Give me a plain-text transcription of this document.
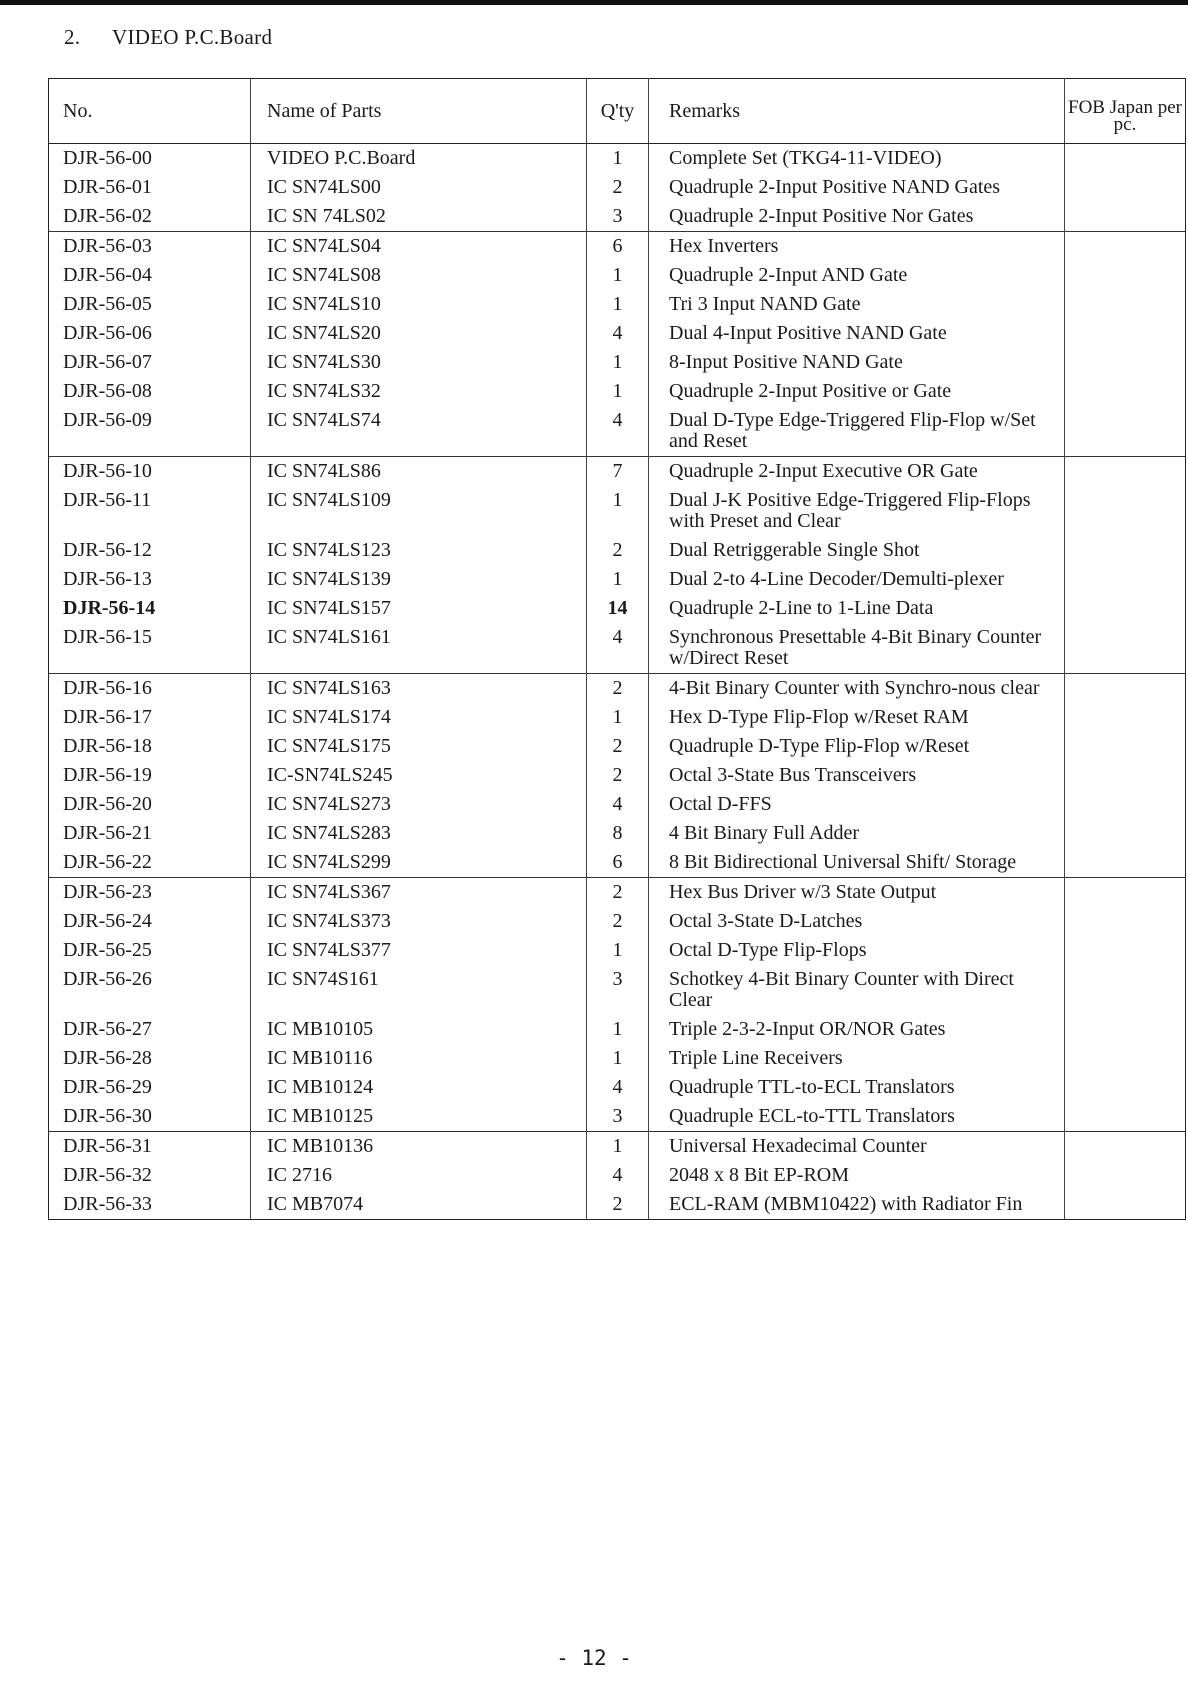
2. VIDEO P.C.Board
No.	Name of Parts	Q'ty	Remarks	FOB Japan per pc.
DJR-56-00	VIDEO P.C.Board	1	Complete Set (TKG4-11-VIDEO)	
DJR-56-01	IC SN74LS00	2	Quadruple 2-Input Positive NAND Gates	
DJR-56-02	IC SN 74LS02	3	Quadruple 2-Input Positive Nor Gates	
DJR-56-03	IC SN74LS04	6	Hex Inverters	
DJR-56-04	IC SN74LS08	1	Quadruple 2-Input AND Gate	
DJR-56-05	IC SN74LS10	1	Tri 3 Input NAND Gate	
DJR-56-06	IC SN74LS20	4	Dual 4-Input Positive NAND Gate	
DJR-56-07	IC SN74LS30	1	8-Input Positive NAND Gate	
DJR-56-08	IC SN74LS32	1	Quadruple 2-Input Positive or Gate	
DJR-56-09	IC SN74LS74	4	Dual D-Type Edge-Triggered Flip-Flop w/Set and Reset	
DJR-56-10	IC SN74LS86	7	Quadruple 2-Input Executive OR Gate	
DJR-56-11	IC SN74LS109	1	Dual J-K Positive Edge-Triggered Flip-Flops with Preset and Clear	
DJR-56-12	IC SN74LS123	2	Dual Retriggerable Single Shot	
DJR-56-13	IC SN74LS139	1	Dual 2-to 4-Line Decoder/Demulti-plexer	
DJR-56-14	IC SN74LS157	14	Quadruple 2-Line to 1-Line Data	
DJR-56-15	IC SN74LS161	4	Synchronous Presettable 4-Bit Binary Counter w/Direct Reset	
DJR-56-16	IC SN74LS163	2	4-Bit Binary Counter with Synchro-nous clear	
DJR-56-17	IC SN74LS174	1	Hex D-Type Flip-Flop w/Reset RAM	
DJR-56-18	IC SN74LS175	2	Quadruple D-Type Flip-Flop w/Reset	
DJR-56-19	IC-SN74LS245	2	Octal 3-State Bus Transceivers	
DJR-56-20	IC SN74LS273	4	Octal D-FFS	
DJR-56-21	IC SN74LS283	8	4 Bit Binary Full Adder	
DJR-56-22	IC SN74LS299	6	8 Bit Bidirectional Universal Shift/ Storage	
DJR-56-23	IC SN74LS367	2	Hex Bus Driver w/3 State Output	
DJR-56-24	IC SN74LS373	2	Octal 3-State D-Latches	
DJR-56-25	IC SN74LS377	1	Octal D-Type Flip-Flops	
DJR-56-26	IC SN74S161	3	Schotkey 4-Bit Binary Counter with Direct Clear	
DJR-56-27	IC MB10105	1	Triple 2-3-2-Input OR/NOR Gates	
DJR-56-28	IC MB10116	1	Triple Line Receivers	
DJR-56-29	IC MB10124	4	Quadruple TTL-to-ECL Translators	
DJR-56-30	IC MB10125	3	Quadruple ECL-to-TTL Translators	
DJR-56-31	IC MB10136	1	Universal Hexadecimal Counter	
DJR-56-32	IC 2716	4	2048 x 8 Bit EP-ROM	
DJR-56-33	IC MB7074	2	ECL-RAM (MBM10422) with Radiator Fin	
- 12 -
